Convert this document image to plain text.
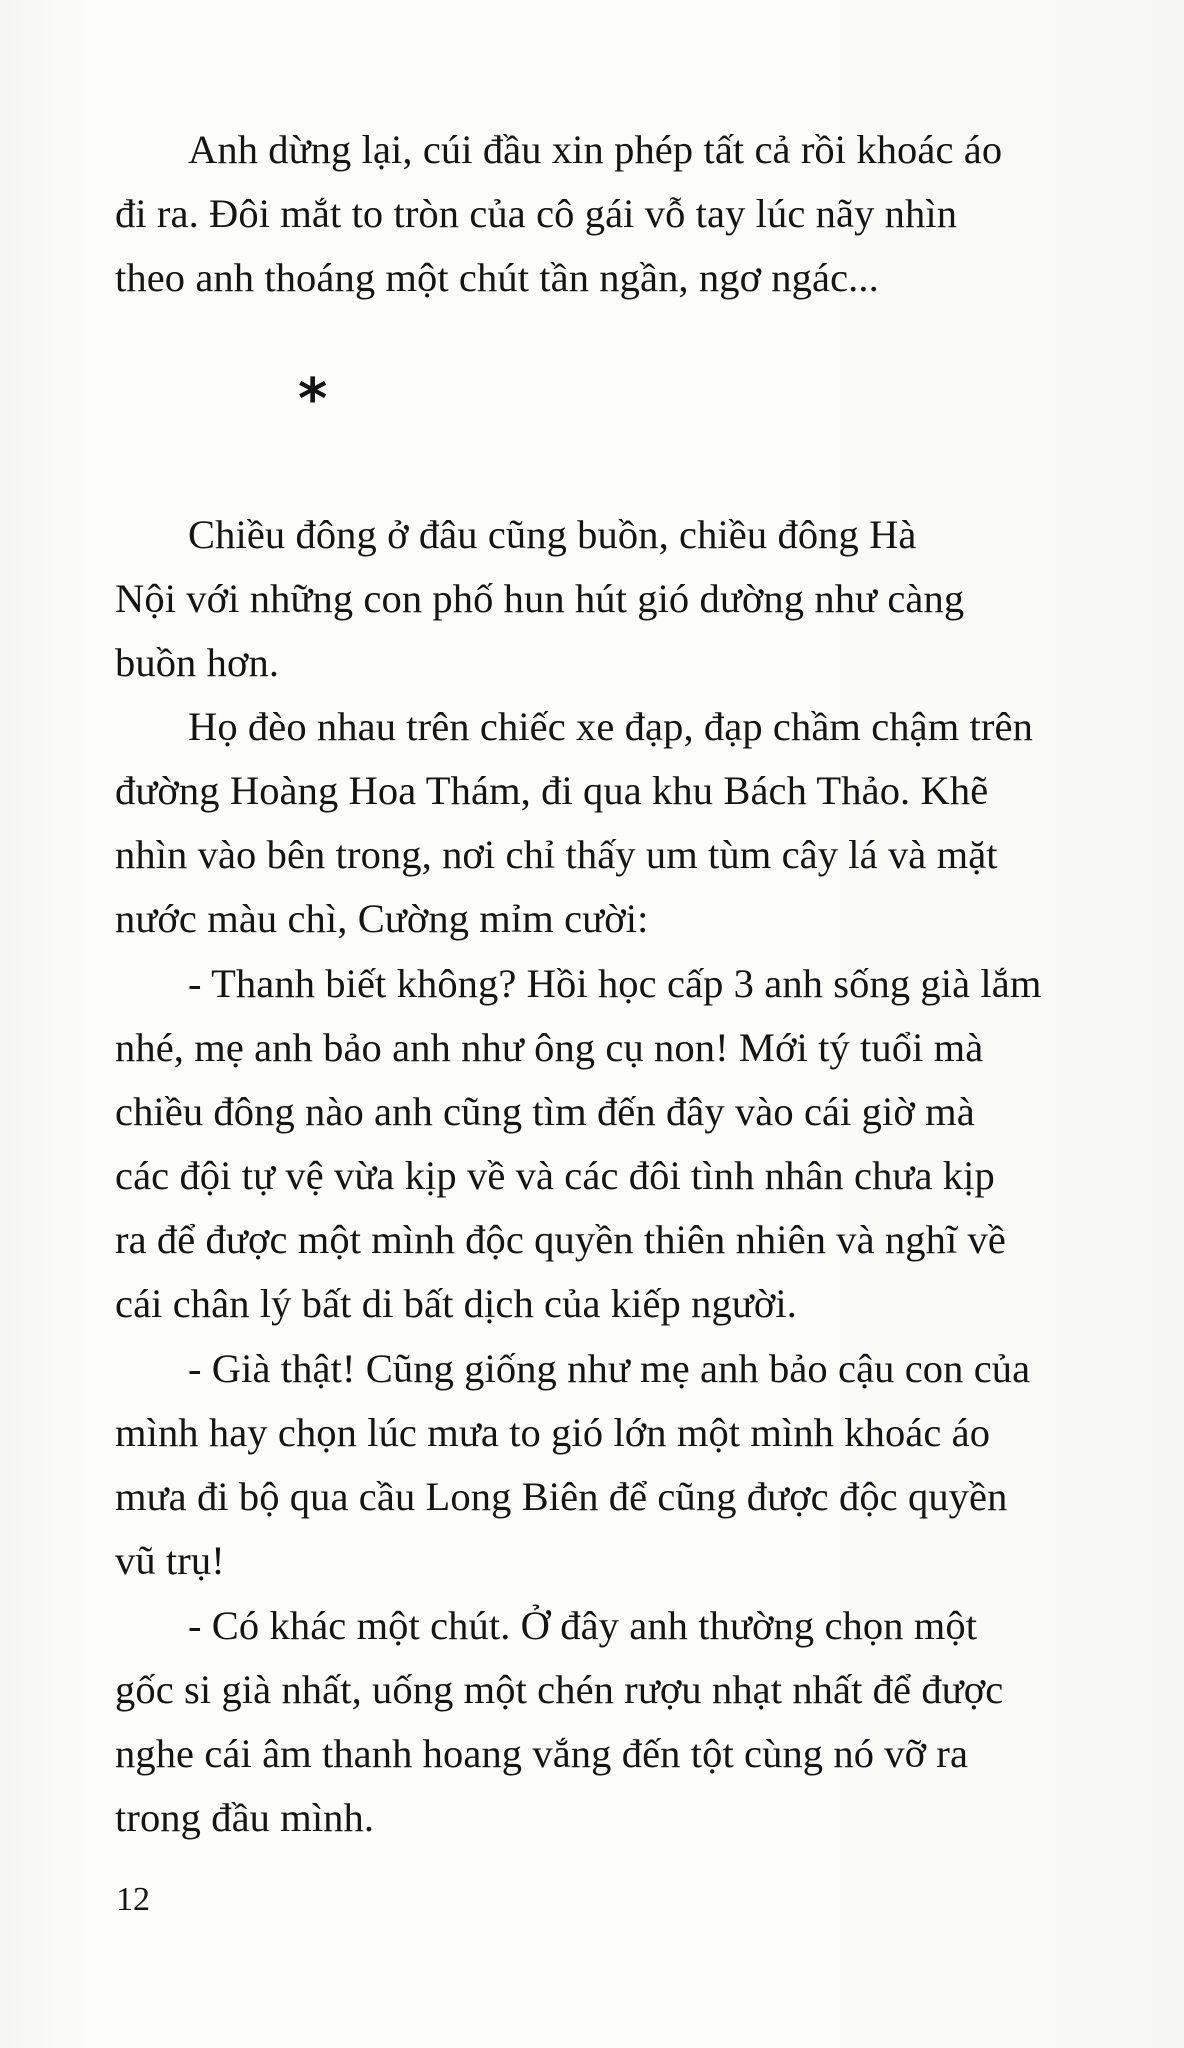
Anh dừng lại, cúi đầu xin phép tất cả rồi khoác áo
đi ra. Đôi mắt to tròn của cô gái vỗ tay lúc nãy nhìn
theo anh thoáng một chút tần ngần, ngơ ngác...
*
Chiều đông ở đâu cũng buồn, chiều đông Hà
Nội với những con phố hun hút gió dường như càng
buồn hơn.
Họ đèo nhau trên chiếc xe đạp, đạp chầm chậm trên
đường Hoàng Hoa Thám, đi qua khu Bách Thảo. Khẽ
nhìn vào bên trong, nơi chỉ thấy um tùm cây lá và mặt
nước màu chì, Cường mỉm cười:
- Thanh biết không? Hồi học cấp 3 anh sống già lắm
nhé, mẹ anh bảo anh như ông cụ non! Mới tý tuổi mà
chiều đông nào anh cũng tìm đến đây vào cái giờ mà
các đội tự vệ vừa kịp về và các đôi tình nhân chưa kịp
ra để được một mình độc quyền thiên nhiên và nghĩ về
cái chân lý bất di bất dịch của kiếp người.
- Già thật! Cũng giống như mẹ anh bảo cậu con của
mình hay chọn lúc mưa to gió lớn một mình khoác áo
mưa đi bộ qua cầu Long Biên để cũng được độc quyền
vũ trụ!
- Có khác một chút. Ở đây anh thường chọn một
gốc si già nhất, uống một chén rượu nhạt nhất để được
nghe cái âm thanh hoang vắng đến tột cùng nó vỡ ra
trong đầu mình.
12
